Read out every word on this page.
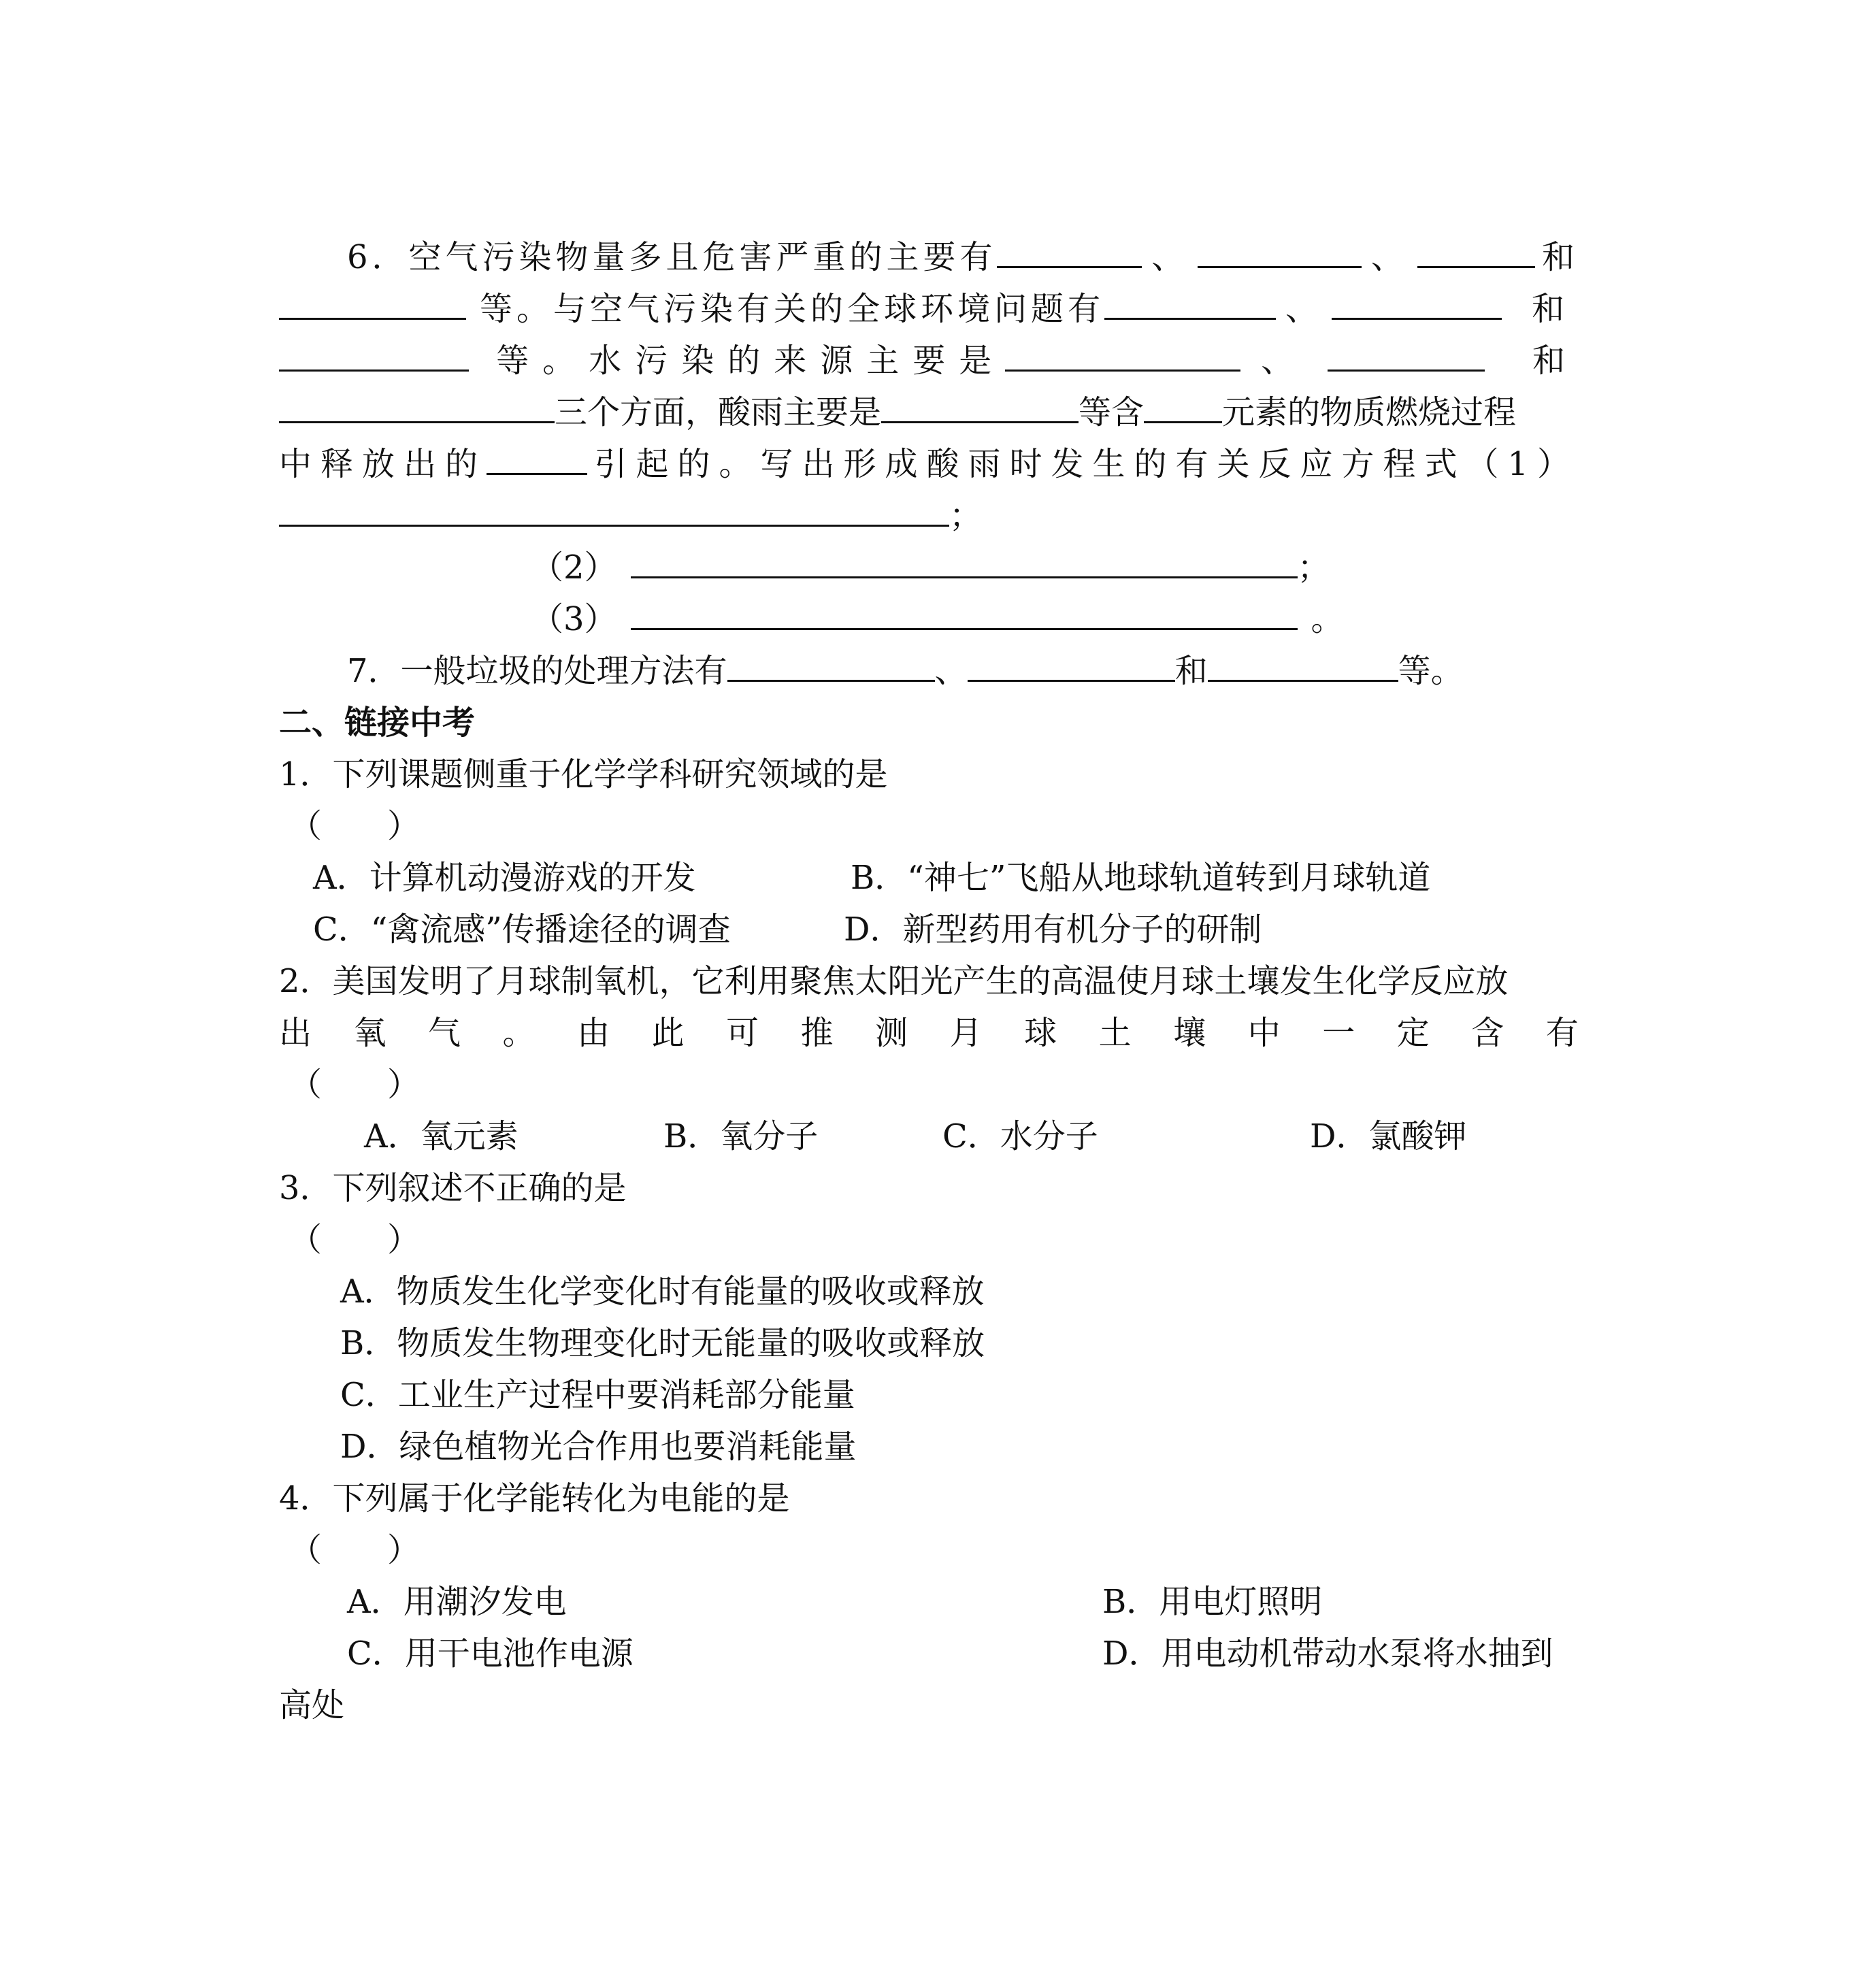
6．空气污染物量多且危害严重的主要有	、	、	和
等。与空气污染有关的全球环境问题有	、	和
等。水污染的来源主要是	、	和
三个方面，酸雨主要是	等含 元素的物质燃烧过程
中释放出的	引起的。写出形成酸雨时发生的有关反应方程式（1）
；
（2）	；
（3）	。
7．一般垃圾的处理方法有	、	和	等。
二、链接中考
1．下列课题侧重于化学学科研究领域的是
（　　）
A．计算机动漫游戏的开发	B．“神七”飞船从地球轨道转到月球轨道
C．“禽流感”传播途径的调查	D．新型药用有机分子的研制
2．美国发明了月球制氧机，它利用聚焦太阳光产生的高温使月球土壤发生化学反应放
出 氧 气 。 由 此 可 推 测 月 球 土 壤 中 一 定 含 有
（　　）
A．氧元素	B．氧分子	C．水分子	D．氯酸钾
3．下列叙述不正确的是
（　　）
A．物质发生化学变化时有能量的吸收或释放
B．物质发生物理变化时无能量的吸收或释放
C．工业生产过程中要消耗部分能量
D．绿色植物光合作用也要消耗能量
4．下列属于化学能转化为电能的是
（　　）
A．用潮汐发电	B．用电灯照明
C．用干电池作电源	D．用电动机带动水泵将水抽到
高处
